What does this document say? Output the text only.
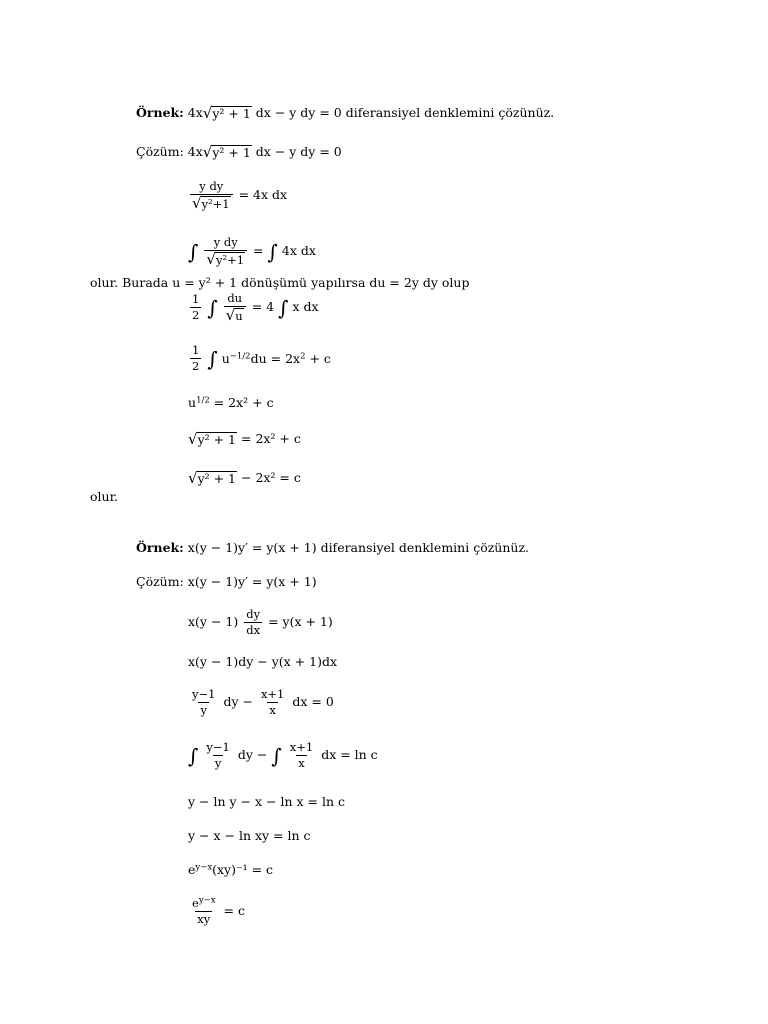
Örnek: 4x √ y² + 1 dx − y dy = 0 diferansiyel denklemini çözünüz.
Çözüm: 4x √ y² + 1 dx − y dy = 0
$\frac{\text{y dy}}{\text{√ y²+1}} = 4x$ dx
∫ $\frac{\text{y dy}}{\text{√ y²+1}}$ = ∫ 4x dx
olur. Burada u = y² + 1 dönüşümü yapılırsa du = 2y dy olup
$\frac{1}{2}$ ∫ $\frac{du}{√ u} = 4$ ∫ x dx
$\frac{1}{2}$ ∫ $u^{-1/2}du = 2x^2 + c$
$u^{1/2} = 2x^2 + c$
√ y² + 1 = 2x² + c
√ y² + 1 − 2x² = c
olur.
Örnek: x(y − 1)y′ = y(x + 1) diferansiyel denklemini çözünüz.
Çözüm: x(y − 1)y′ = y(x + 1)
$x(y - 1) \frac{dy}{dx} = y(x + 1)$
x(y − 1)dy − y(x + 1)dx
$\frac{y-1}{y}$ dy − $\frac{x+1}{x}$ dx = 0
∫ $\frac{y-1}{y}$ dy − ∫ $\frac{x+1}{x}$ dx = ln c
y − ln y − x − ln x = ln c
y − x − ln xy = ln c
$e^{y-x}(xy)^{-1} = c$
$\frac{e^{y-x}}{xy} = c$
